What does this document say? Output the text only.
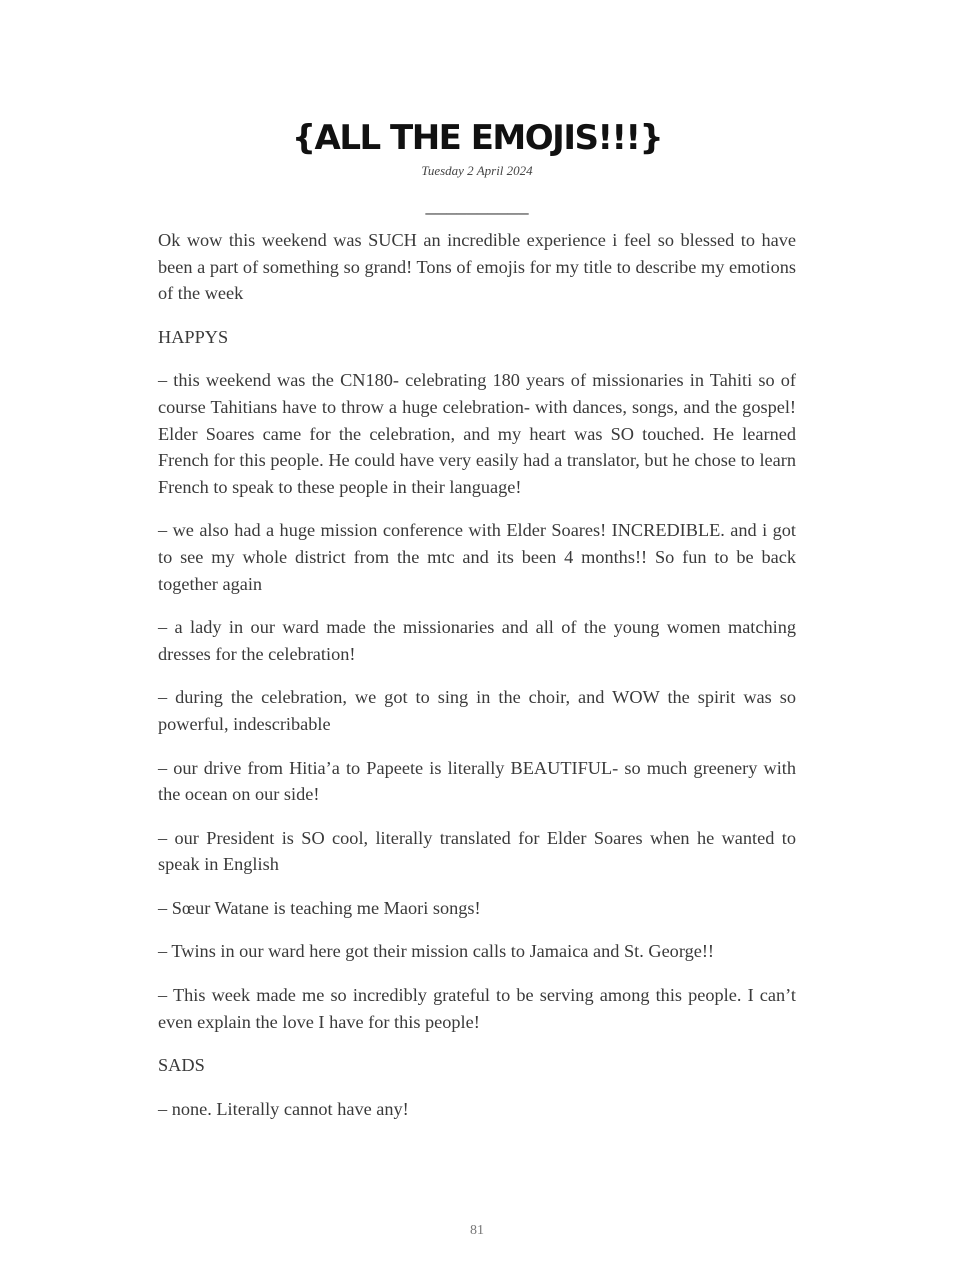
{ALL THE EMOJIS!!!}
Tuesday 2 April 2024
__________

Ok wow this weekend was SUCH an incredible experience i feel so blessed to have been a part of something so grand! Tons of emojis for my title to describe my emotions of the week

HAPPYS

– this weekend was the CN180- celebrating 180 years of missionaries in Tahiti so of course Tahitians have to throw a huge celebration- with dances, songs, and the gospel! Elder Soares came for the celebration, and my heart was SO touched. He learned French for this people. He could have very easily had a translator, but he chose to learn French to speak to these people in their language!

– we also had a huge mission conference with Elder Soares! INCREDIBLE. and i got to see my whole district from the mtc and its been 4 months!! So fun to be back together again

– a lady in our ward made the missionaries and all of the young women matching dresses for the celebration!

– during the celebration, we got to sing in the choir, and WOW the spirit was so powerful, indescribable

– our drive from Hitia’a to Papeete is literally BEAUTIFUL- so much greenery with the ocean on our side!

– our President is SO cool, literally translated for Elder Soares when he wanted to speak in English

– Sœur Watane is teaching me Maori songs!

– Twins in our ward here got their mission calls to Jamaica and St. George!!

– This week made me so incredibly grateful to be serving among this people. I can’t even explain the love I have for this people!

SADS

– none. Literally cannot have any!

81
